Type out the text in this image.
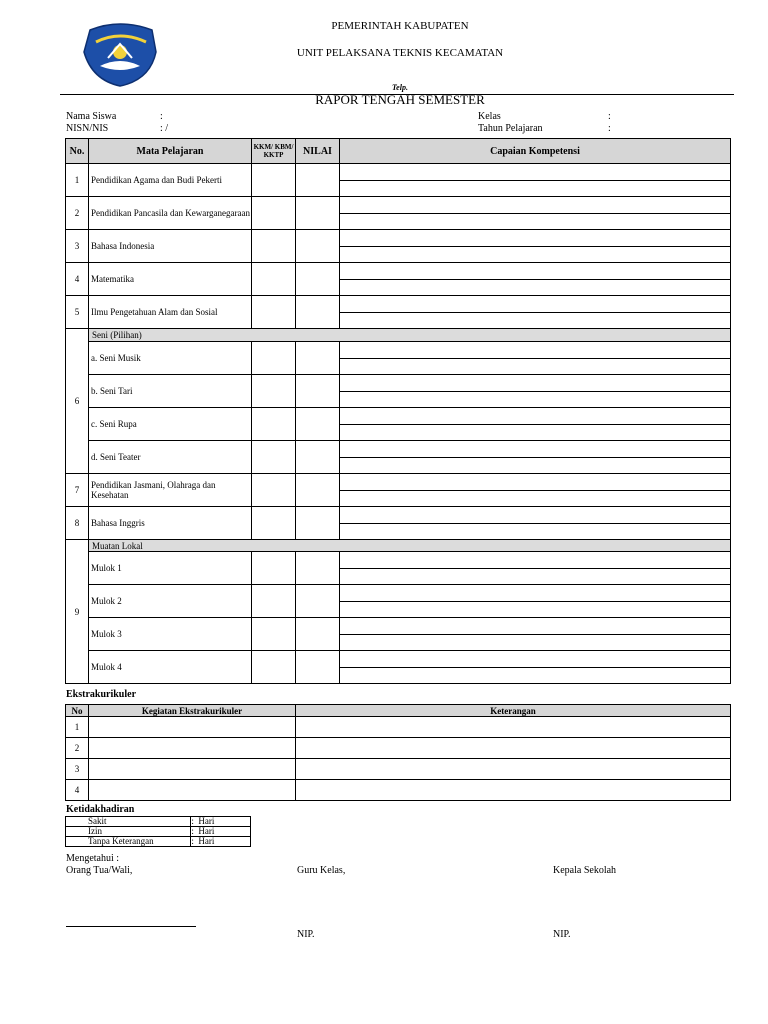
PEMERINTAH KABUPATEN
UNIT PELAKSANA TEKNIS KECAMATAN
Telp.
RAPOR TENGAH SEMESTER
Nama Siswa	:
NISN/NIS	: /
Kelas	:
Tahun Pelajaran	:
No.	Mata Pelajaran	KKM/ KBM/ KKTP	NILAI	Capaian Kompetensi
1	Pendidikan Agama dan Budi Pekerti			

2	Pendidikan Pancasila dan Kewarganegaraan			

3	Bahasa Indonesia			

4	Matematika			

5	Ilmu Pengetahuan Alam dan Sosial			

6	Seni (Pilihan)			
	a. Seni Musik			

	b. Seni Tari			

	c. Seni Rupa			

	d. Seni Teater			

7	Pendidikan Jasmani, Olahraga dan Kesehatan			

8	Bahasa Inggris			

9	Muatan Lokal			
	Mulok 1			

	Mulok 2			

	Mulok 3			

	Mulok 4			
Ekstrakurikuler
No	Kegiatan Ekstrakurikuler	Keterangan
1		
2		
3		
4		
Ketidakhadiran
Sakit	: Hari
Izin	: Hari
Tanpa Keterangan	: Hari
Mengetahui :
Orang Tua/Wali,	Guru Kelas,	Kepala Sekolah
NIP.	NIP.
